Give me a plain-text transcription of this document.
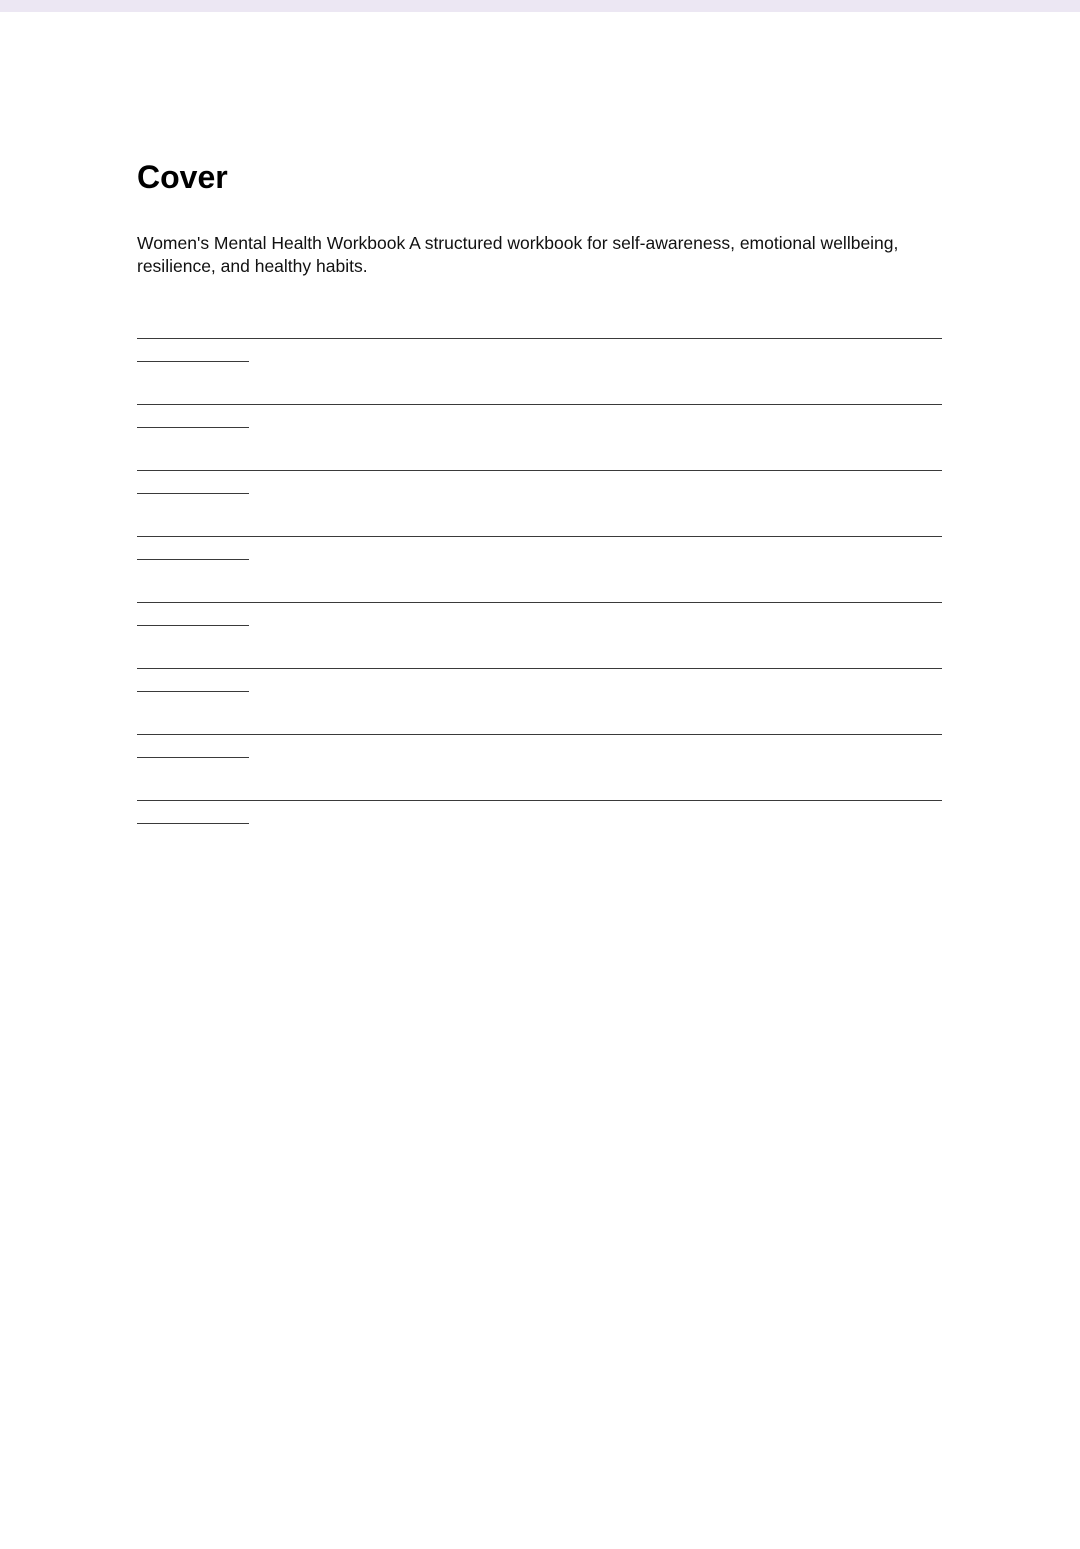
Cover

Women's Mental Health Workbook A structured workbook for self-awareness, emotional wellbeing, resilience, and healthy habits.
